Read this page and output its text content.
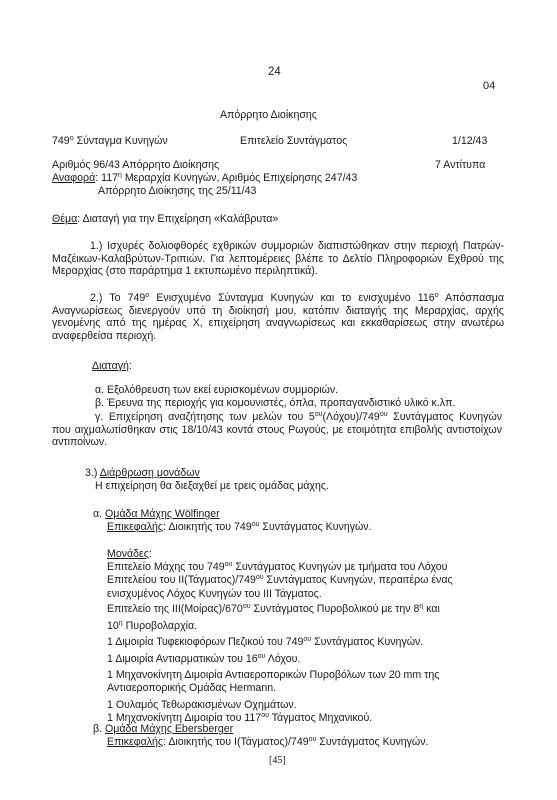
24
04
Απόρρητο Διοίκησης
$749^o$ Σύνταγμα Κυνηγών	Επιτελείο Συντάγματος	1/12/43
Αριθμός 96/43 Απόρρητο Διοίκησης	7 Αντίτυπα
Αναφορά: $117^\eta$ Μεραρχία Κυνηγών, Αριθμός Επιχείρησης 247/43
Απόρρητο Διοίκησης της 25/11/43
Θέμα: Διαταγή για την Επιχείρηση «Καλάβρυτα»
1.) Ισχυρές δολιοφθορές εχθρικών συμμοριών διαπιστώθηκαν στην περιοχή Πατρών-Μαζέικων-Καλαβρύτων-Τριπιών. Για λεπτομέρειες βλέπε το Δελτίο Πληροφοριών Εχθρού της Μεραρχίας (στο παράρτημα 1 εκτυπωμένο περιληπτικά).
2.) Το $749^o$ Ενισχυμένο Σύνταγμα Κυνηγών και το ενισχυμένο $116^o$ Απόσπασμα Αναγνωρίσεως διενεργούν υπό τη διοίκησή μου, κατόπιν διαταγής της Μεραρχίας, αρχής γενομένης από της ημέρας Χ, επιχείρηση αναγνωρίσεως και εκκαθαρίσεως στην ανωτέρω αναφερθείσα περιοχή.
Διαταγή:
α. Εξολόθρευση των εκεί ευρισκομένων συμμοριών.
β. Έρευνα της περιοχής για κομουνιστές, όπλα, προπαγανδιστικό υλικό κ.λπ.
γ. Επιχείρηση αναζήτησης των μελών του $5^{o\upsilon}(\Lambda ό\chi o\upsilon)/749^{o\upsilon}$ Συντάγματος Κυνηγών που αιχμαλωτίσθηκαν στις 18/10/43 κοντά στους Ρωγούς, με ετοιμότητα επιβολής αντιστοίχων αντιποίνων.
3.) Διάρθρωση μονάδων
Η επιχείρηση θα διεξαχθεί με τρεις ομάδας μάχης.
α. Ομάδα Μάχης Wölfinger
Επικεφαλής: Διοικητής του $749^{o\upsilon}$ Συντάγματος Κυνηγών.
Μονάδες:
Επιτελείο Μάχης του $749^{o\upsilon}$ Συντάγματος Κυνηγών με τμήματα του Λόχου
Επιτελείου του $II(Tά\gamma\mu\alpha\tau o\varsigma)/749^{o\upsilon}$ Συντάγματος Κυνηγών, περαιτέρω ένας
ενισχυμένος Λόχος Κυνηγών του ΙΙΙ Τάγματος.
Επιτελείο της $III(Moί\rho\alpha\varsigma)/670^{o\upsilon}$ Συντάγματος Πυροβολικού με την $8^\eta$ και
$10^\eta$ Πυροβολαρχία.
1 Διμοιρία Τυφεκιοφόρων Πεζικού του $749^{o\upsilon}$ Συντάγματος Κυνηγών.
1 Διμοιρία Αντιαρματικών του $16^{o\upsilon}$ Λόχου.
1 Μηχανοκίνητη Διμοιρία Αντιαεροπορικών Πυροβόλων των 20 mm της
Αντιαεροπορικής Ομάδας Hermann.
1 Ουλαμός Τεθωρακισμένων Οχημάτων.
1 Μηχανοκίνητη Διμοιρία του $117^{o\upsilon}$ Τάγματος Μηχανικού.
β. Ομάδα Μάχης Ebersberger
Επικεφαλής: Διοικητής του $I(Tά\gamma\mu\alpha\tau o\varsigma)/749^{o\upsilon}$ Συντάγματος Κυνηγών.
[45]
